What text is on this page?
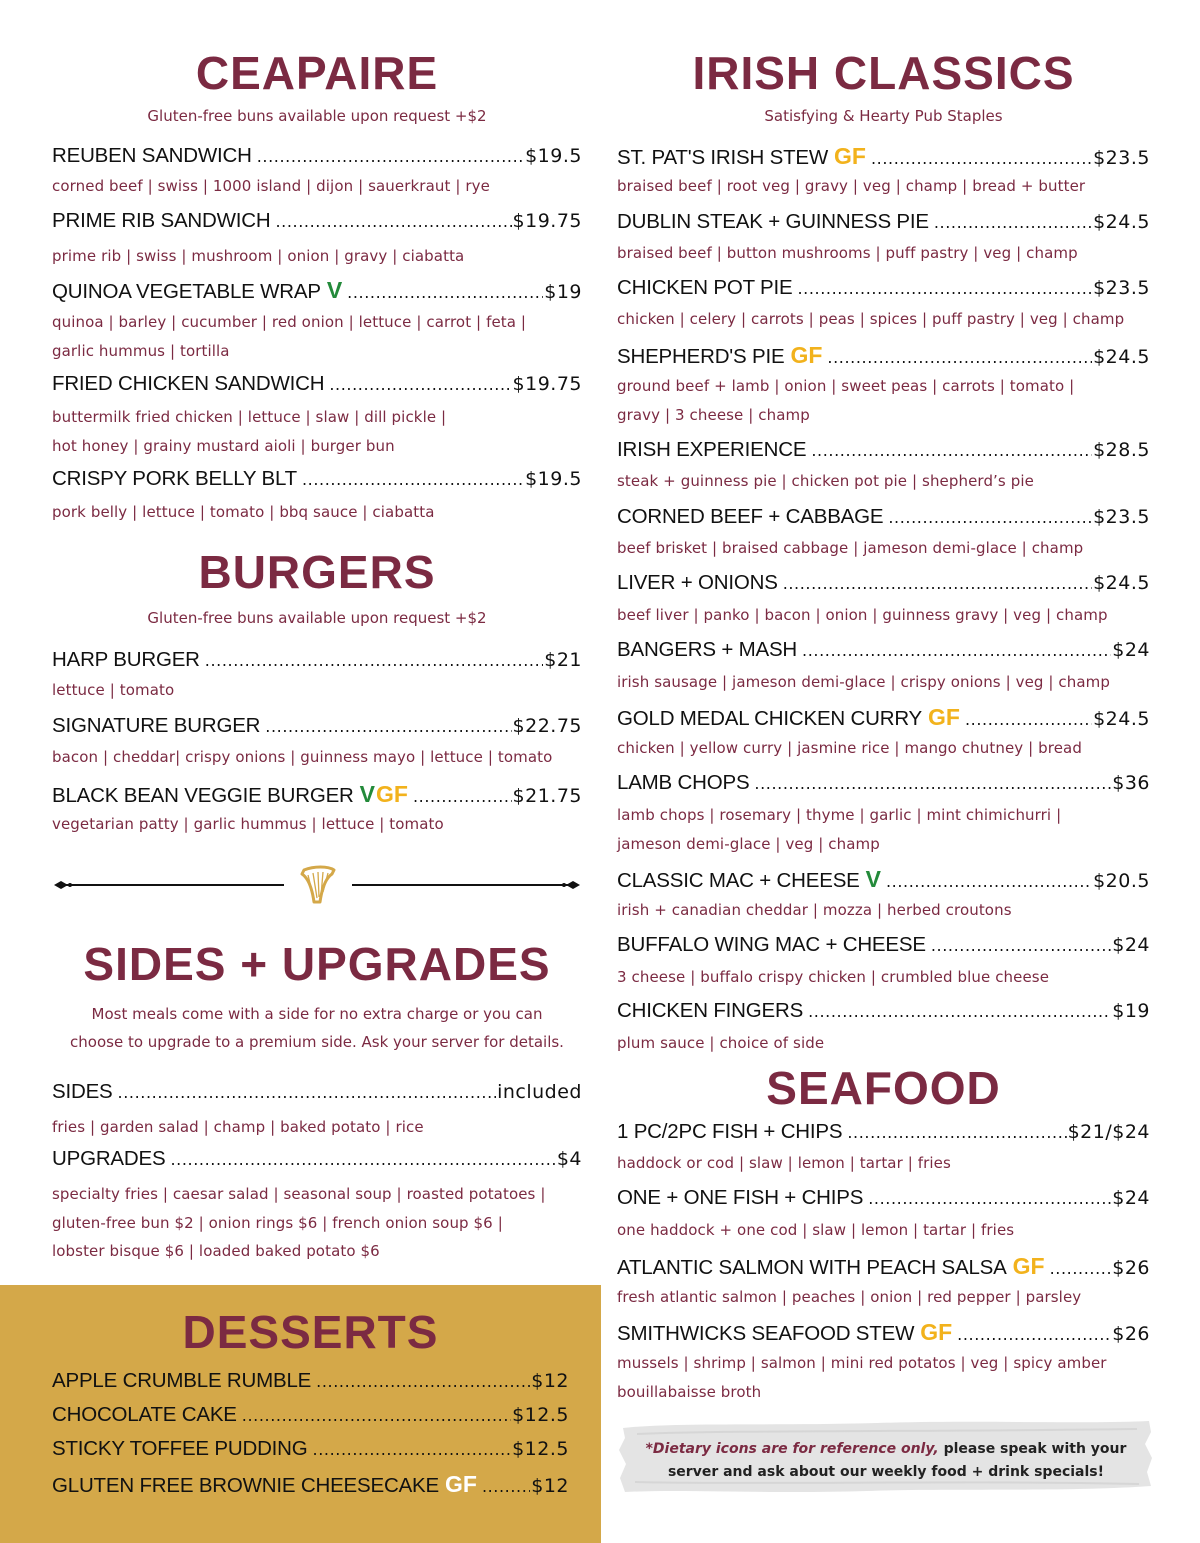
CEAPAIRE

Gluten-free buns available upon request +$2

REUBEN SANDWICH .....	$19.5
corned beef | swiss | 1000 island | dijon | sauerkraut | rye
PRIME RIB SANDWICH .....	$19.75
prime rib | swiss | mushroom | onion | gravy | ciabatta
QUINOA VEGETABLE WRAP V .....	$19
quinoa | barley | cucumber | red onion | lettuce | carrot | feta |
garlic hummus | tortilla
FRIED CHICKEN SANDWICH .....	$19.75
buttermilk fried chicken | lettuce | slaw | dill pickle |
hot honey | grainy mustard aioli | burger bun
CRISPY PORK BELLY BLT .....	$19.5
pork belly | lettuce | tomato | bbq sauce | ciabatta
BURGERS

Gluten-free buns available upon request +$2

HARP BURGER .....	$21
lettuce | tomato
SIGNATURE BURGER .....	$22.75
bacon | cheddar| crispy onions | guinness mayo | lettuce | tomato
BLACK BEAN VEGGIE BURGER V GF .....	$21.75
vegetarian patty | garlic hummus | lettuce | tomato
SIDES + UPGRADES
Most meals come with a side for no extra charge or you can
choose to upgrade to a premium side. Ask your server for details.
SIDES .....	included
fries | garden salad | champ | baked potato | rice
UPGRADES .....	$4
specialty fries | caesar salad | seasonal soup | roasted potatoes |
gluten-free bun $2 | onion rings $6 | french onion soup $6 |
lobster bisque $6 | loaded baked potato $6
DESSERTS
APPLE CRUMBLE RUMBLE .....	$12
CHOCOLATE CAKE .....	$12.5
STICKY TOFFEE PUDDING .....	$12.5
GLUTEN FREE BROWNIE CHEESECAKE GF .....	$12
IRISH CLASSICS

Satisfying & Hearty Pub Staples

ST. PAT'S IRISH STEW GF .....	$23.5
braised beef | root veg | gravy | veg | champ | bread + butter
DUBLIN STEAK + GUINNESS PIE .....	$24.5
braised beef | button mushrooms | puff pastry | veg | champ
CHICKEN POT PIE .....	$23.5
chicken | celery | carrots | peas | spices | puff pastry | veg | champ
SHEPHERD'S PIE GF .....	$24.5
ground beef + lamb | onion | sweet peas | carrots | tomato |
gravy | 3 cheese | champ
IRISH EXPERIENCE .....	$28.5
steak + guinness pie | chicken pot pie | shepherd’s pie
CORNED BEEF + CABBAGE .....	$23.5
beef brisket | braised cabbage | jameson demi-glace | champ
LIVER + ONIONS .....	$24.5
beef liver | panko | bacon | onion | guinness gravy | veg | champ
BANGERS + MASH .....	$24
irish sausage | jameson demi-glace | crispy onions | veg | champ
GOLD MEDAL CHICKEN CURRY GF .....	$24.5
chicken | yellow curry | jasmine rice | mango chutney | bread
LAMB CHOPS .....	$36
lamb chops | rosemary | thyme | garlic | mint chimichurri |
jameson demi-glace | veg | champ
CLASSIC MAC + CHEESE V .....	$20.5
irish + canadian cheddar | mozza | herbed croutons
BUFFALO WING MAC + CHEESE .....	$24
3 cheese | buffalo crispy chicken | crumbled blue cheese
CHICKEN FINGERS .....	$19
plum sauce | choice of side
SEAFOOD
1 PC/2PC FISH + CHIPS .....	$21/$24
haddock or cod | slaw | lemon | tartar | fries
ONE + ONE FISH + CHIPS .....	$24
one haddock + one cod | slaw | lemon | tartar | fries
ATLANTIC SALMON WITH PEACH SALSA GF .....	$26
fresh atlantic salmon | peaches | onion | red pepper | parsley
SMITHWICKS SEAFOOD STEW GF .....	$26
mussels | shrimp | salmon | mini red potatos | veg | spicy amber
bouillabaisse broth
*Dietary icons are for reference only, please speak with your
server and ask about our weekly food + drink specials!
